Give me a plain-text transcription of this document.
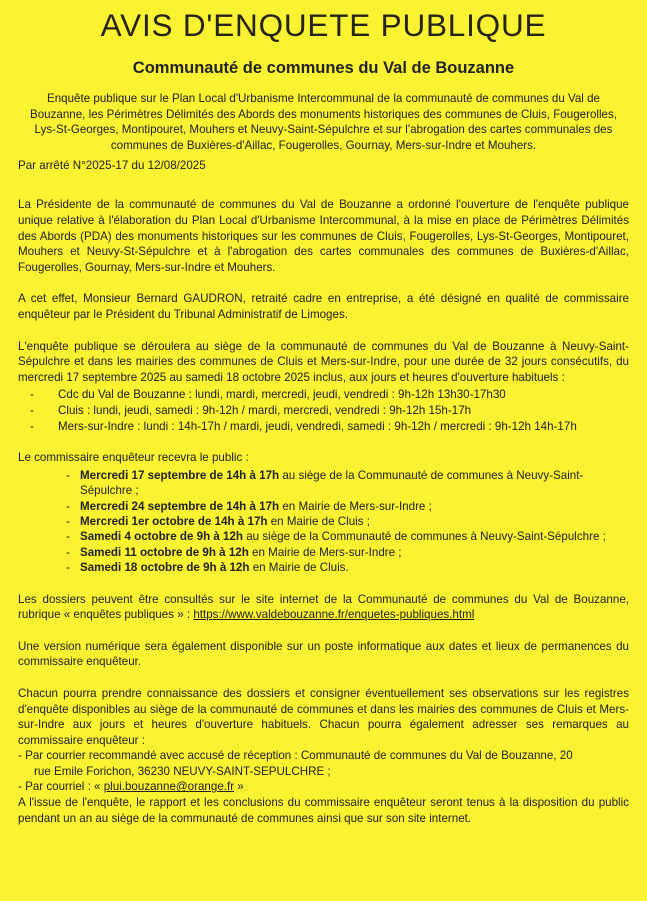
AVIS D'ENQUETE PUBLIQUE
Communauté de communes du Val de Bouzanne

Enquête publique sur le Plan Local d'Urbanisme Intercommunal de la communauté de communes du Val de Bouzanne, les Périmètres Délimités des Abords des monuments historiques des communes de Cluis, Fougerolles, Lys-St-Georges, Montipouret, Mouhers et Neuvy-Saint-Sépulchre et sur l'abrogation des cartes communales des communes de Buxières-d'Aillac, Fougerolles, Gournay, Mers-sur-Indre et Mouhers.

Par arrêté N°2025-17 du 12/08/2025

La Présidente de la communauté de communes du Val de Bouzanne a ordonné l'ouverture de l'enquête publique unique relative à l'élaboration du Plan Local d'Urbanisme Intercommunal, à la mise en place de Périmètres Délimités des Abords (PDA) des monuments historiques sur les communes de Cluis, Fougerolles, Lys-St-Georges, Montipouret, Mouhers et Neuvy-St-Sépulchre et à l'abrogation des cartes communales des communes de Buxières-d'Aillac, Fougerolles, Gournay, Mers-sur-Indre et Mouhers.

A cet effet, Monsieur Bernard GAUDRON, retraité cadre en entreprise, a été désigné en qualité de commissaire enquêteur par le Président du Tribunal Administratif de Limoges.

L'enquête publique se déroulera au siège de la communauté de communes du Val de Bouzanne à Neuvy-Saint-Sépulchre et dans les mairies des communes de Cluis et Mers-sur-Indre, pour une durée de 32 jours consécutifs, du mercredi 17 septembre 2025 au samedi 18 octobre 2025 inclus, aux jours et heures d'ouverture habituels :

- Cdc du Val de Bouzanne : lundi, mardi, mercredi, jeudi, vendredi : 9h-12h 13h30-17h30
- Cluis : lundi, jeudi, samedi : 9h-12h / mardi, mercredi, vendredi : 9h-12h 15h-17h
- Mers-sur-Indre : lundi : 14h-17h / mardi, jeudi, vendredi, samedi : 9h-12h / mercredi : 9h-12h 14h-17h

Le commissaire enquêteur recevra le public :

- Mercredi 17 septembre de 14h à 17h au siège de la Communauté de communes à Neuvy-Saint-Sépulchre ;
- Mercredi 24 septembre de 14h à 17h en Mairie de Mers-sur-Indre ;
- Mercredi 1er octobre de 14h à 17h en Mairie de Cluis ;
- Samedi 4 octobre de 9h à 12h au siège de la Communauté de communes à Neuvy-Saint-Sépulchre ;
- Samedi 11 octobre de 9h à 12h en Mairie de Mers-sur-Indre ;
- Samedi 18 octobre de 9h à 12h en Mairie de Cluis.

Les dossiers peuvent être consultés sur le site internet de la Communauté de communes du Val de Bouzanne, rubrique « enquêtes publiques » : https://www.valdebouzanne.fr/enquetes-publiques.html

Une version numérique sera également disponible sur un poste informatique aux dates et lieux de permanences du commissaire enquêteur.

Chacun pourra prendre connaissance des dossiers et consigner éventuellement ses observations sur les registres d'enquête disponibles au siège de la communauté de communes et dans les mairies des communes de Cluis et Mers-sur-Indre aux jours et heures d'ouverture habituels. Chacun pourra également adresser ses remarques au commissaire enquêteur :

- Par courrier recommandé avec accusé de réception : Communauté de communes du Val de Bouzanne, 20

rue Emile Forichon, 36230 NEUVY-SAINT-SEPULCHRE ;

- Par courriel : « plui.bouzanne@orange.fr »

A l'issue de l'enquête, le rapport et les conclusions du commissaire enquêteur seront tenus à la disposition du public pendant un an au siège de la communauté de communes ainsi que sur son site internet.
